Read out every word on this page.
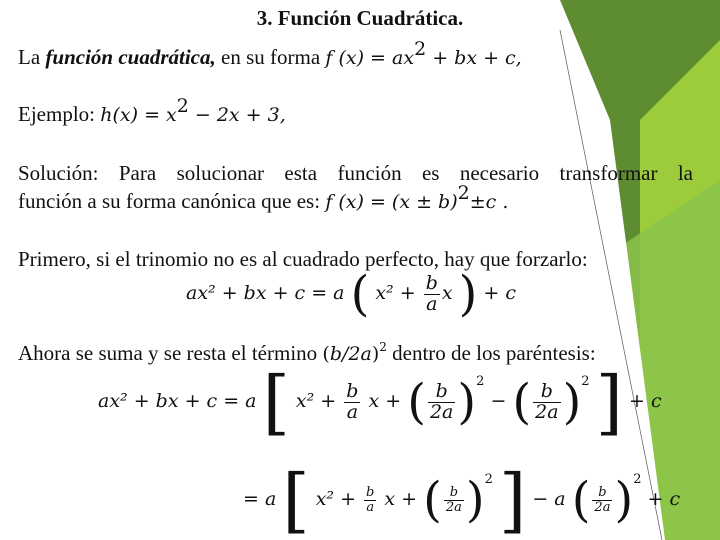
3. Función Cuadrática.
La función cuadrática, en su forma f $(x) = ax^2$ + bx + c,
Ejemplo: $h(x) = x^2 - 2x + 3$,
Solución: Para solucionar esta función es necesario transformar la
función a su forma canónica que es: f $(x) = (x \pm b)^2\pm c$ .
Primero, si el trinomio no es al cuadrado perfecto, hay que forzarlo:
ax² + bx + c = a ( $x^2 + \frac{b}{a}$ x ) + c
Ahora se suma y se resta el término $(b/2a)^2$ dentro de los paréntesis:
ax² + bx + c = a [ $x^2 + \frac{b}{a}$ x + ( $\frac{b}{2a} )^2$ − ( $\frac{b}{2a} )^2$ ] + c
= a [ $x^2 + \frac{b}{a}$ x + ( $\frac{b}{2a} )^2$ ] − a ( $\frac{b}{2a} )^2 + c$
